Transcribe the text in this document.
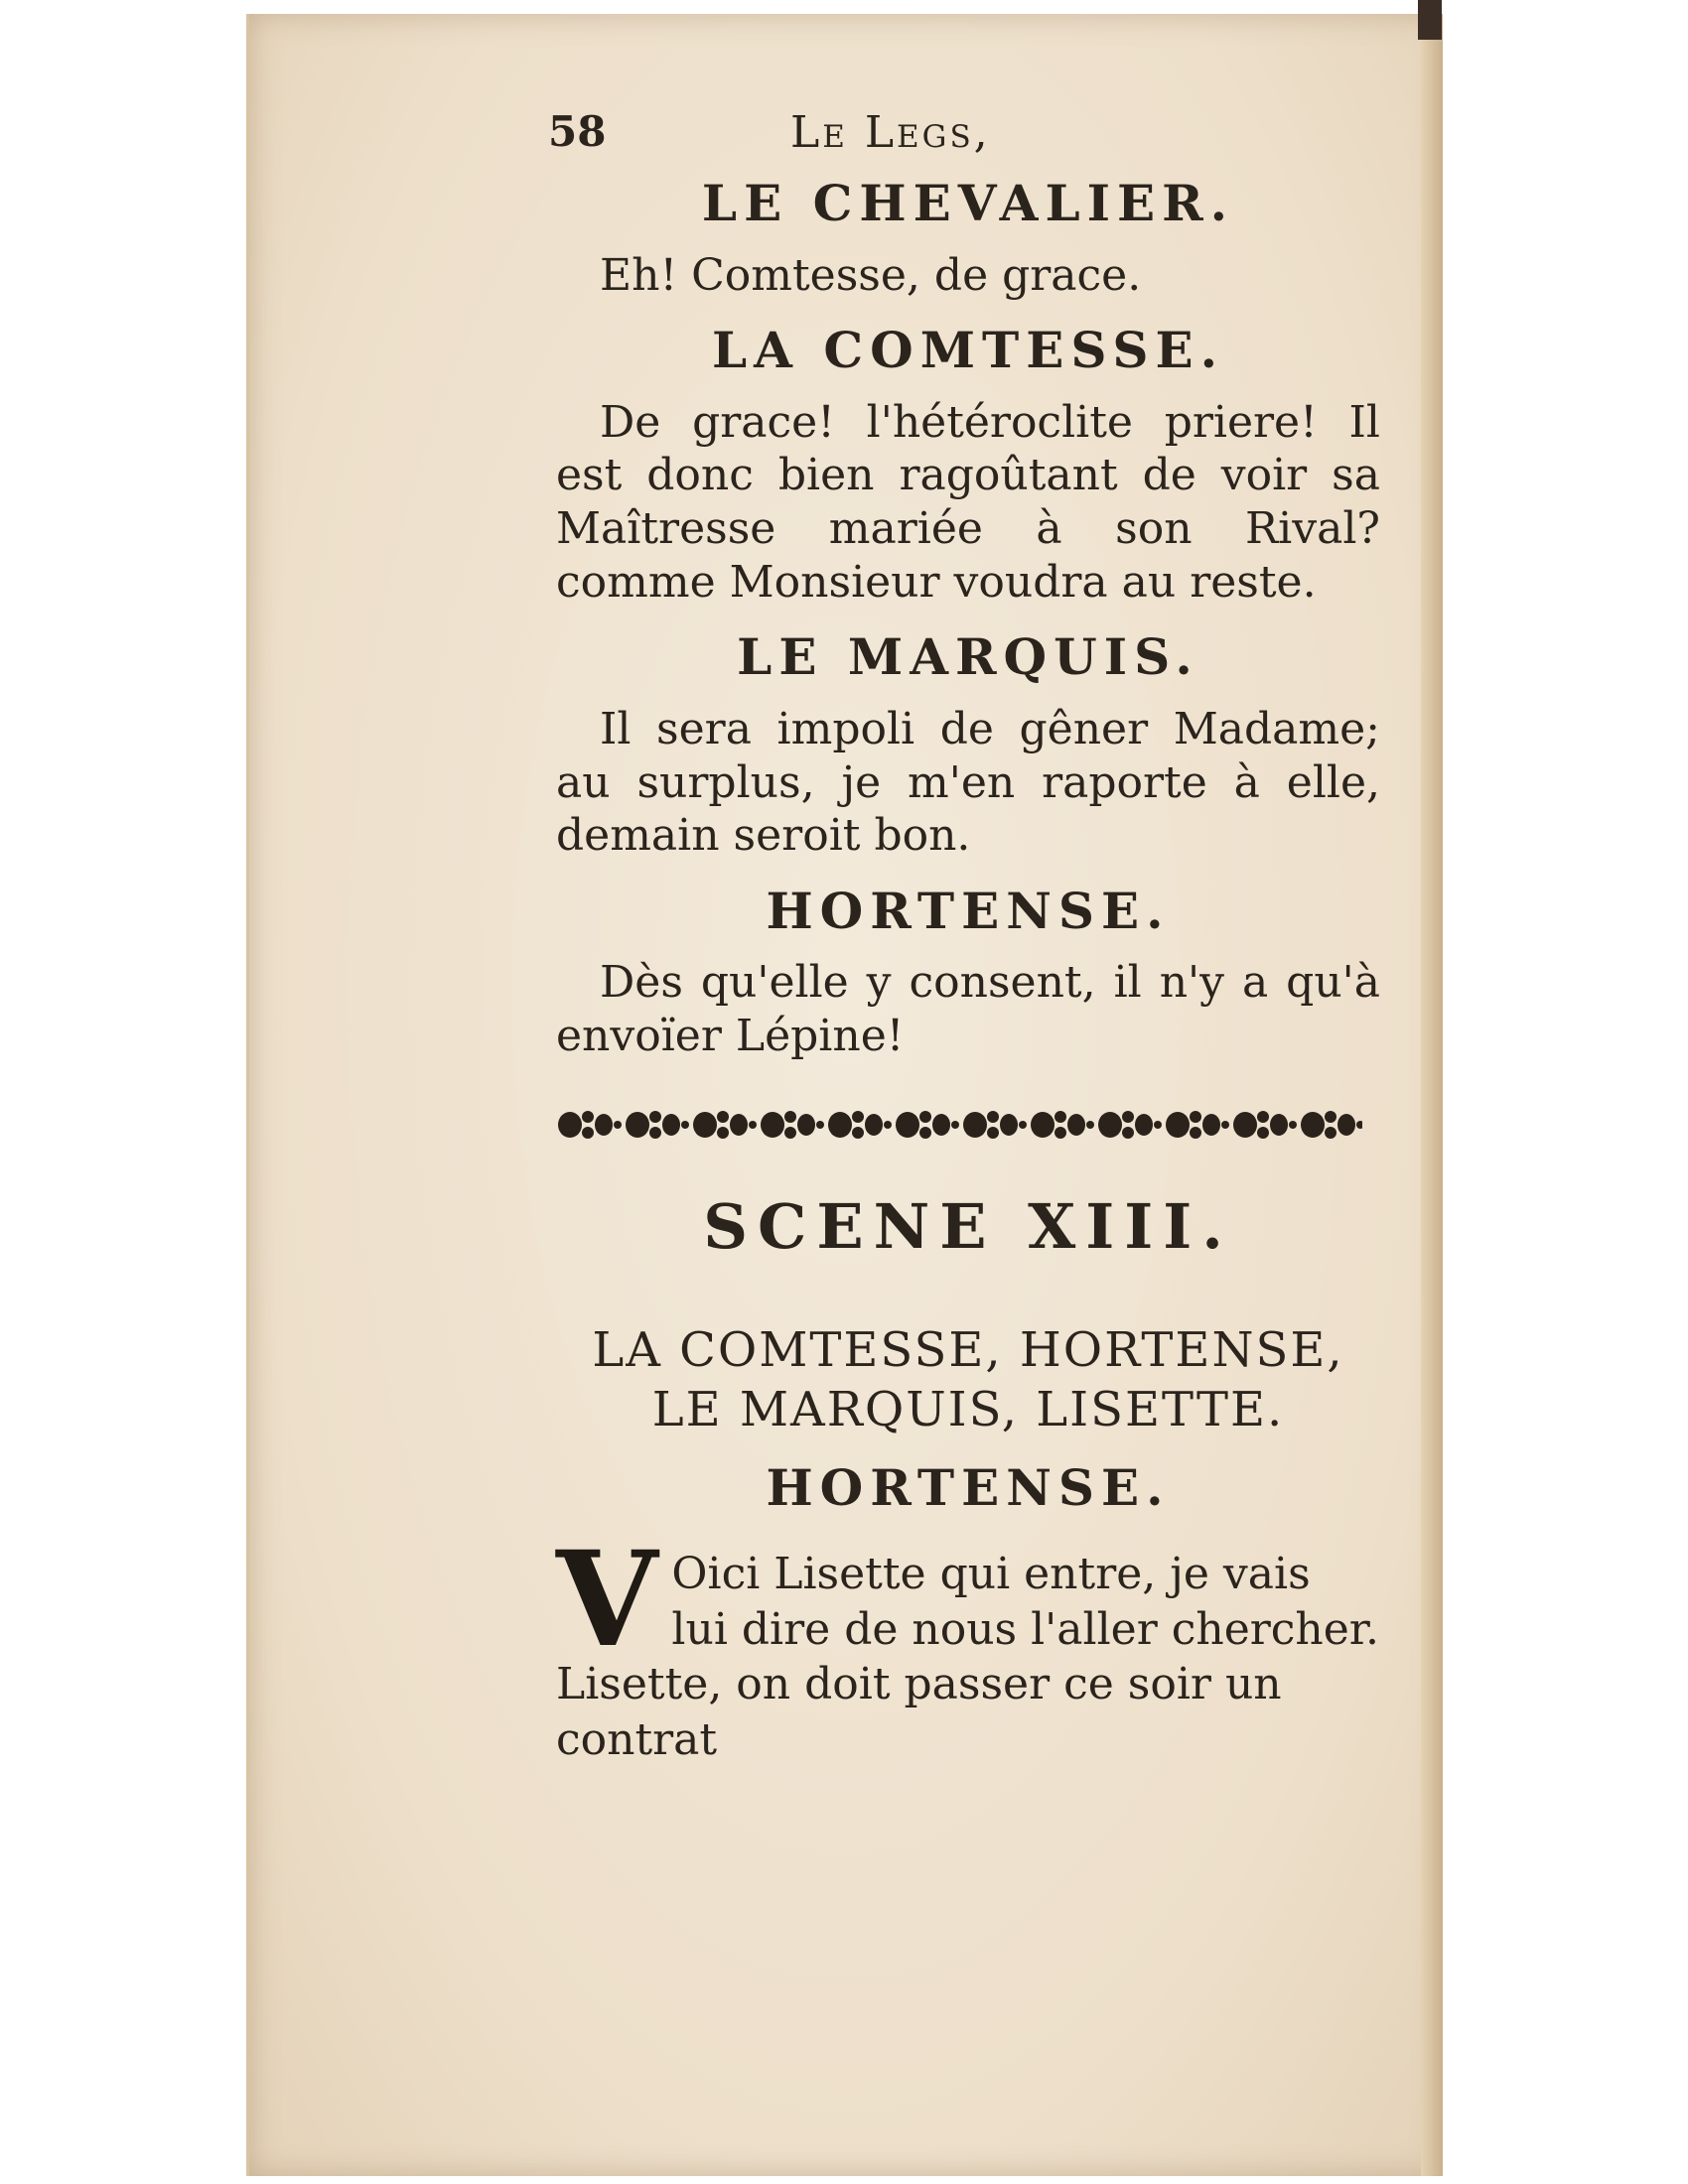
58	Le Legs,
LE CHEVALIER.

Eh! Comtesse, de grace.

LA COMTESSE.

De grace! l'hétéroclite priere! Il est donc bien ragoûtant de voir sa Maîtresse mariée à son Rival? comme Monsieur voudra au reste.

LE MARQUIS.

Il sera impoli de gêner Madame; au surplus, je m'en raporte à elle, demain seroit bon.

HORTENSE.

Dès qu'elle y consent, il n'y a qu'à envoïer Lépine!

SCENE XIII.
LA COMTESSE, HORTENSE,
LE MARQUIS, LISETTE.
HORTENSE.
V Oici Lisette qui entre, je vais lui dire de nous l'aller chercher. Lisette, on doit passer ce soir un contrat
